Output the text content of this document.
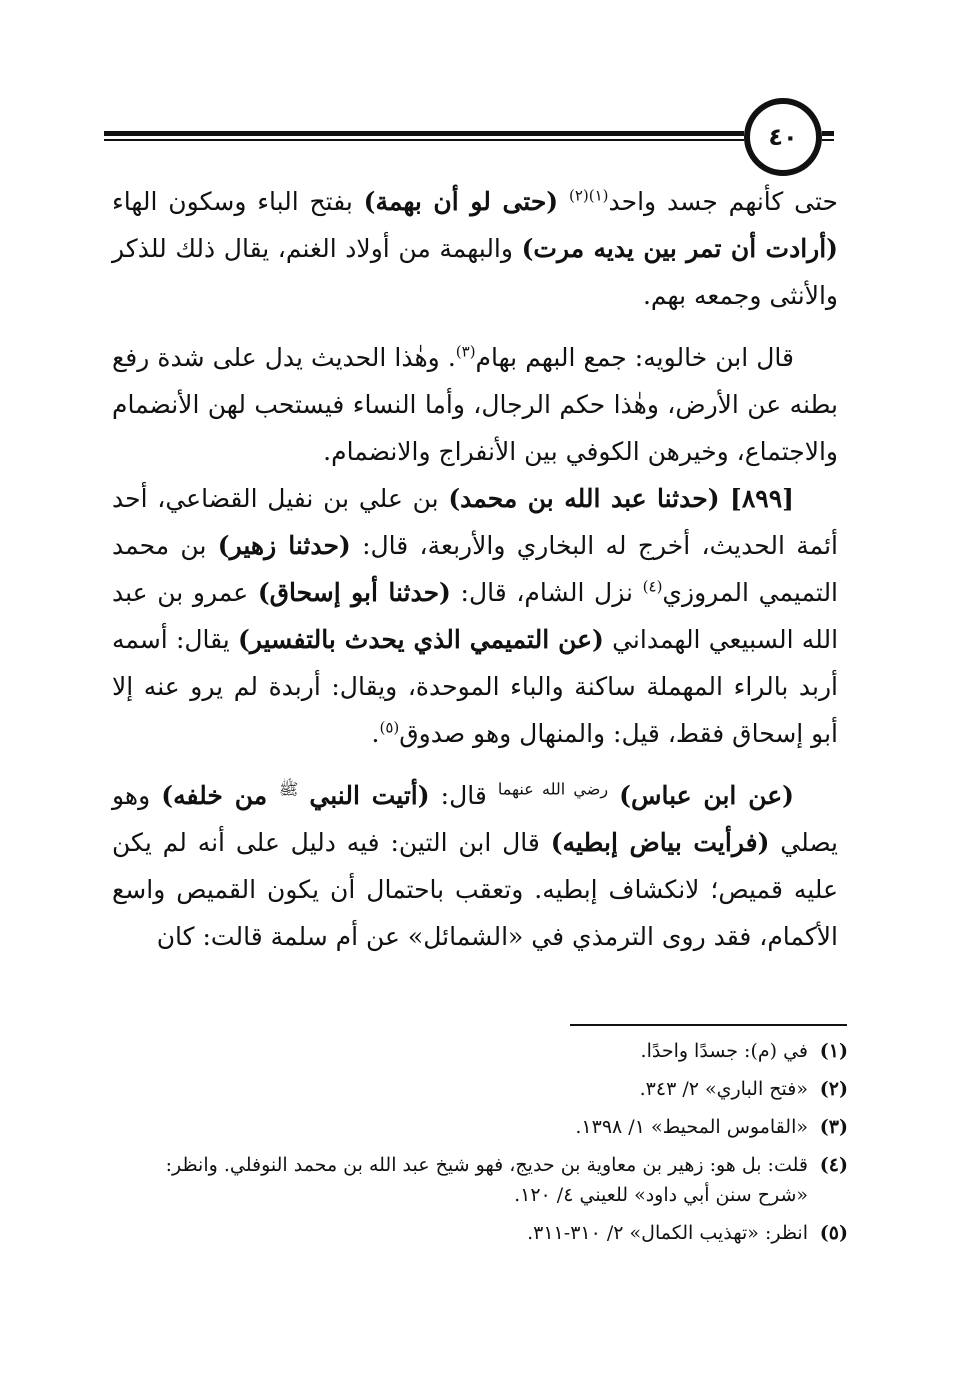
٤٠

حتى كأنهم جسد واحد$^{(١)(٢)}$ (حتى لو أن بهمة) بفتح الباء وسكون الهاء (أرادت أن تمر بين يديه مرت) والبهمة من أولاد الغنم، يقال ذلك للذكر والأنثى وجمعه بهم.

قال ابن خالويه: جمع البهم بهام$^{(٣)}$. وهٰذا الحديث يدل على شدة رفع بطنه عن الأرض، وهٰذا حكم الرجال، وأما النساء فيستحب لهن الأنضمام والاجتماع، وخيرهن الكوفي بين الأنفراج والانضمام.

[٨٩٩] (حدثنا عبد الله بن محمد) بن علي بن نفيل القضاعي، أحد أئمة الحديث، أخرج له البخاري والأربعة، قال: (حدثنا زهير) بن محمد التميمي المروزي$^{(٤)}$ نزل الشام، قال: (حدثنا أبو إسحاق) عمرو بن عبد الله السبيعي الهمداني (عن التميمي الذي يحدث بالتفسير) يقال: أسمه أربد بالراء المهملة ساكنة والباء الموحدة، ويقال: أربدة لم يرو عنه إلا أبو إسحاق فقط، قيل: والمنهال وهو صدوق$^{(٥)}$.

(عن ابن عباس) $^{رضي الله عنهما}$ قال: (أتيت النبي $^ﷺ$ من خلفه) وهو يصلي (فرأيت بياض إبطيه) قال ابن التين: فيه دليل على أنه لم يكن عليه قميص؛ لانكشاف إبطيه. وتعقب باحتمال أن يكون القميص واسع الأكمام، فقد روى الترمذي في «الشمائل» عن أم سلمة قالت: كان

(١)
في (م): جسدًا واحدًا.
(٢)
«فتح الباري» ٢/ ٣٤٣.
(٣)
«القاموس المحيط» ١/ ١٣٩٨.
(٤)
قلت: بل هو: زهير بن معاوية بن حديج، فهو شيخ عبد الله بن محمد النوفلي. وانظر: «شرح سنن أبي داود» للعيني ٤/ ١٢٠.
(٥)
انظر: «تهذيب الكمال» ٢/ ٣١٠-٣١١.
